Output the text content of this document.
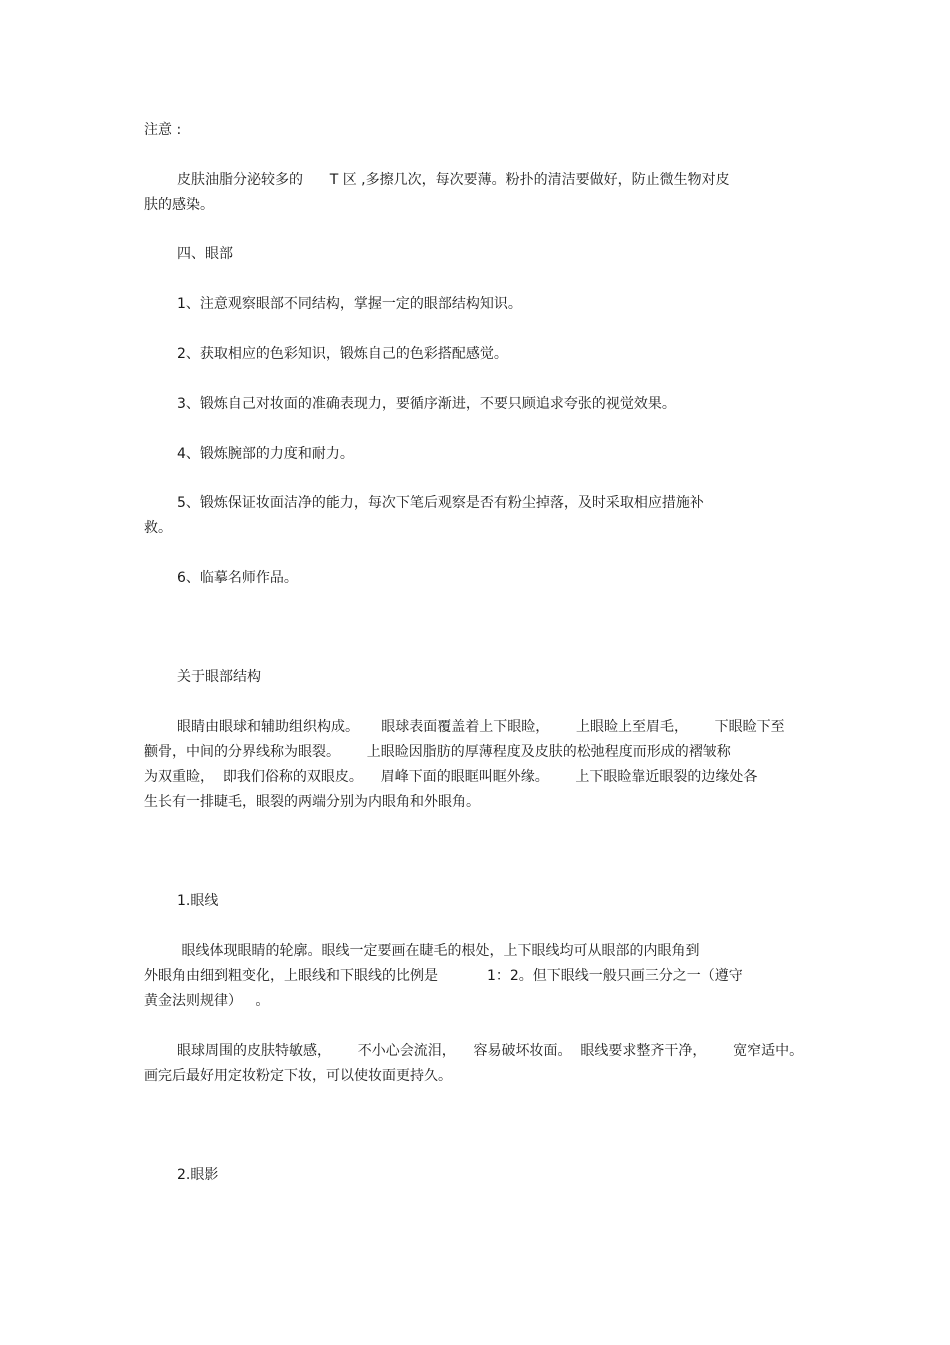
注意 :

皮肤油脂分泌较多的      T 区 ,多擦几次，每次要薄。粉扑的清洁要做好，防止微生物对皮

肤的感染。

四、眼部

1、注意观察眼部不同结构，掌握一定的眼部结构知识。

2、获取相应的色彩知识，锻炼自己的色彩搭配感觉。

3、锻炼自己对妆面的准确表现力，要循序渐进，不要只顾追求夸张的视觉效果。

4、锻炼腕部的力度和耐力。

5、锻炼保证妆面洁净的能力，每次下笔后观察是否有粉尘掉落，及时采取相应措施补

救。

6、临摹名师作品。

关于眼部结构

眼睛由眼球和辅助组织构成。     眼球表面覆盖着上下眼睑，      上眼睑上至眉毛，      下眼睑下至

颧骨，中间的分界线称为眼裂。      上眼睑因脂肪的厚薄程度及皮肤的松弛程度而形成的褶皱称

为双重睑，  即我们俗称的双眼皮。    眉峰下面的眼眶叫眶外缘。      上下眼睑靠近眼裂的边缘处各

生长有一排睫毛，眼裂的两端分别为内眼角和外眼角。

1.眼线

眼线体现眼睛的轮廓。眼线一定要画在睫毛的根处，上下眼线均可从眼部的内眼角到

外眼角由细到粗变化，上眼线和下眼线的比例是           1：2。但下眼线一般只画三分之一（遵守

黄金法则规律）   。

眼球周围的皮肤特敏感，      不小心会流泪，    容易破坏妆面。  眼线要求整齐干净，      宽窄适中。

画完后最好用定妆粉定下妆，可以使妆面更持久。

2.眼影
